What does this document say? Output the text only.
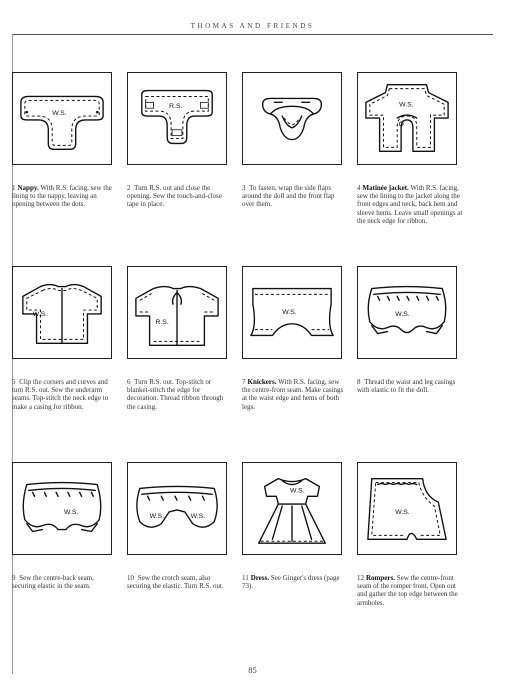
THOMAS AND FRIENDS
W.S.
R.S.	W.S.
1 Nappy. With R.S. facing, sew the lining to the nappy, leaving an opening between the dots.
2 Turn R.S. out and close the opening. Sew the touch-and-close tape in place.
3 To fasten, wrap the side flaps around the doll and the front flap over them.
4 Matinée jacket. With R.S. facing, sew the lining to the jacket along the front edges and neck, back hem and sleeve hems. Leave small openings at the neck edge for ribbon.
W.S.
R.S.
W.S.	W.S.
5 Clip the corners and curves and turn R.S. out. Sew the underarm seams. Top-stitch the neck edge to make a casing for ribbon.
6 Turn R.S. out. Top-stitch or blanket-stitch the edge for decoration. Thread ribbon through the casing.
7 Knickers. With R.S. facing, sew the centre-front seam. Make casings at the waist edge and hems of both legs.
8 Thread the waist and leg casings with elastic to fit the doll.
W.S.
W.S.	W.S.
W.S.
W.S.
9 Sew the centre-back seam, securing elastic in the seam.
10 Sew the crotch seam, also securing the elastic. Turn R.S. out.
11 Dress. See Ginger's dress (page 73).
12 Rompers. Sew the centre-front seam of the romper front. Open out and gather the top edge between the armholes.
85
